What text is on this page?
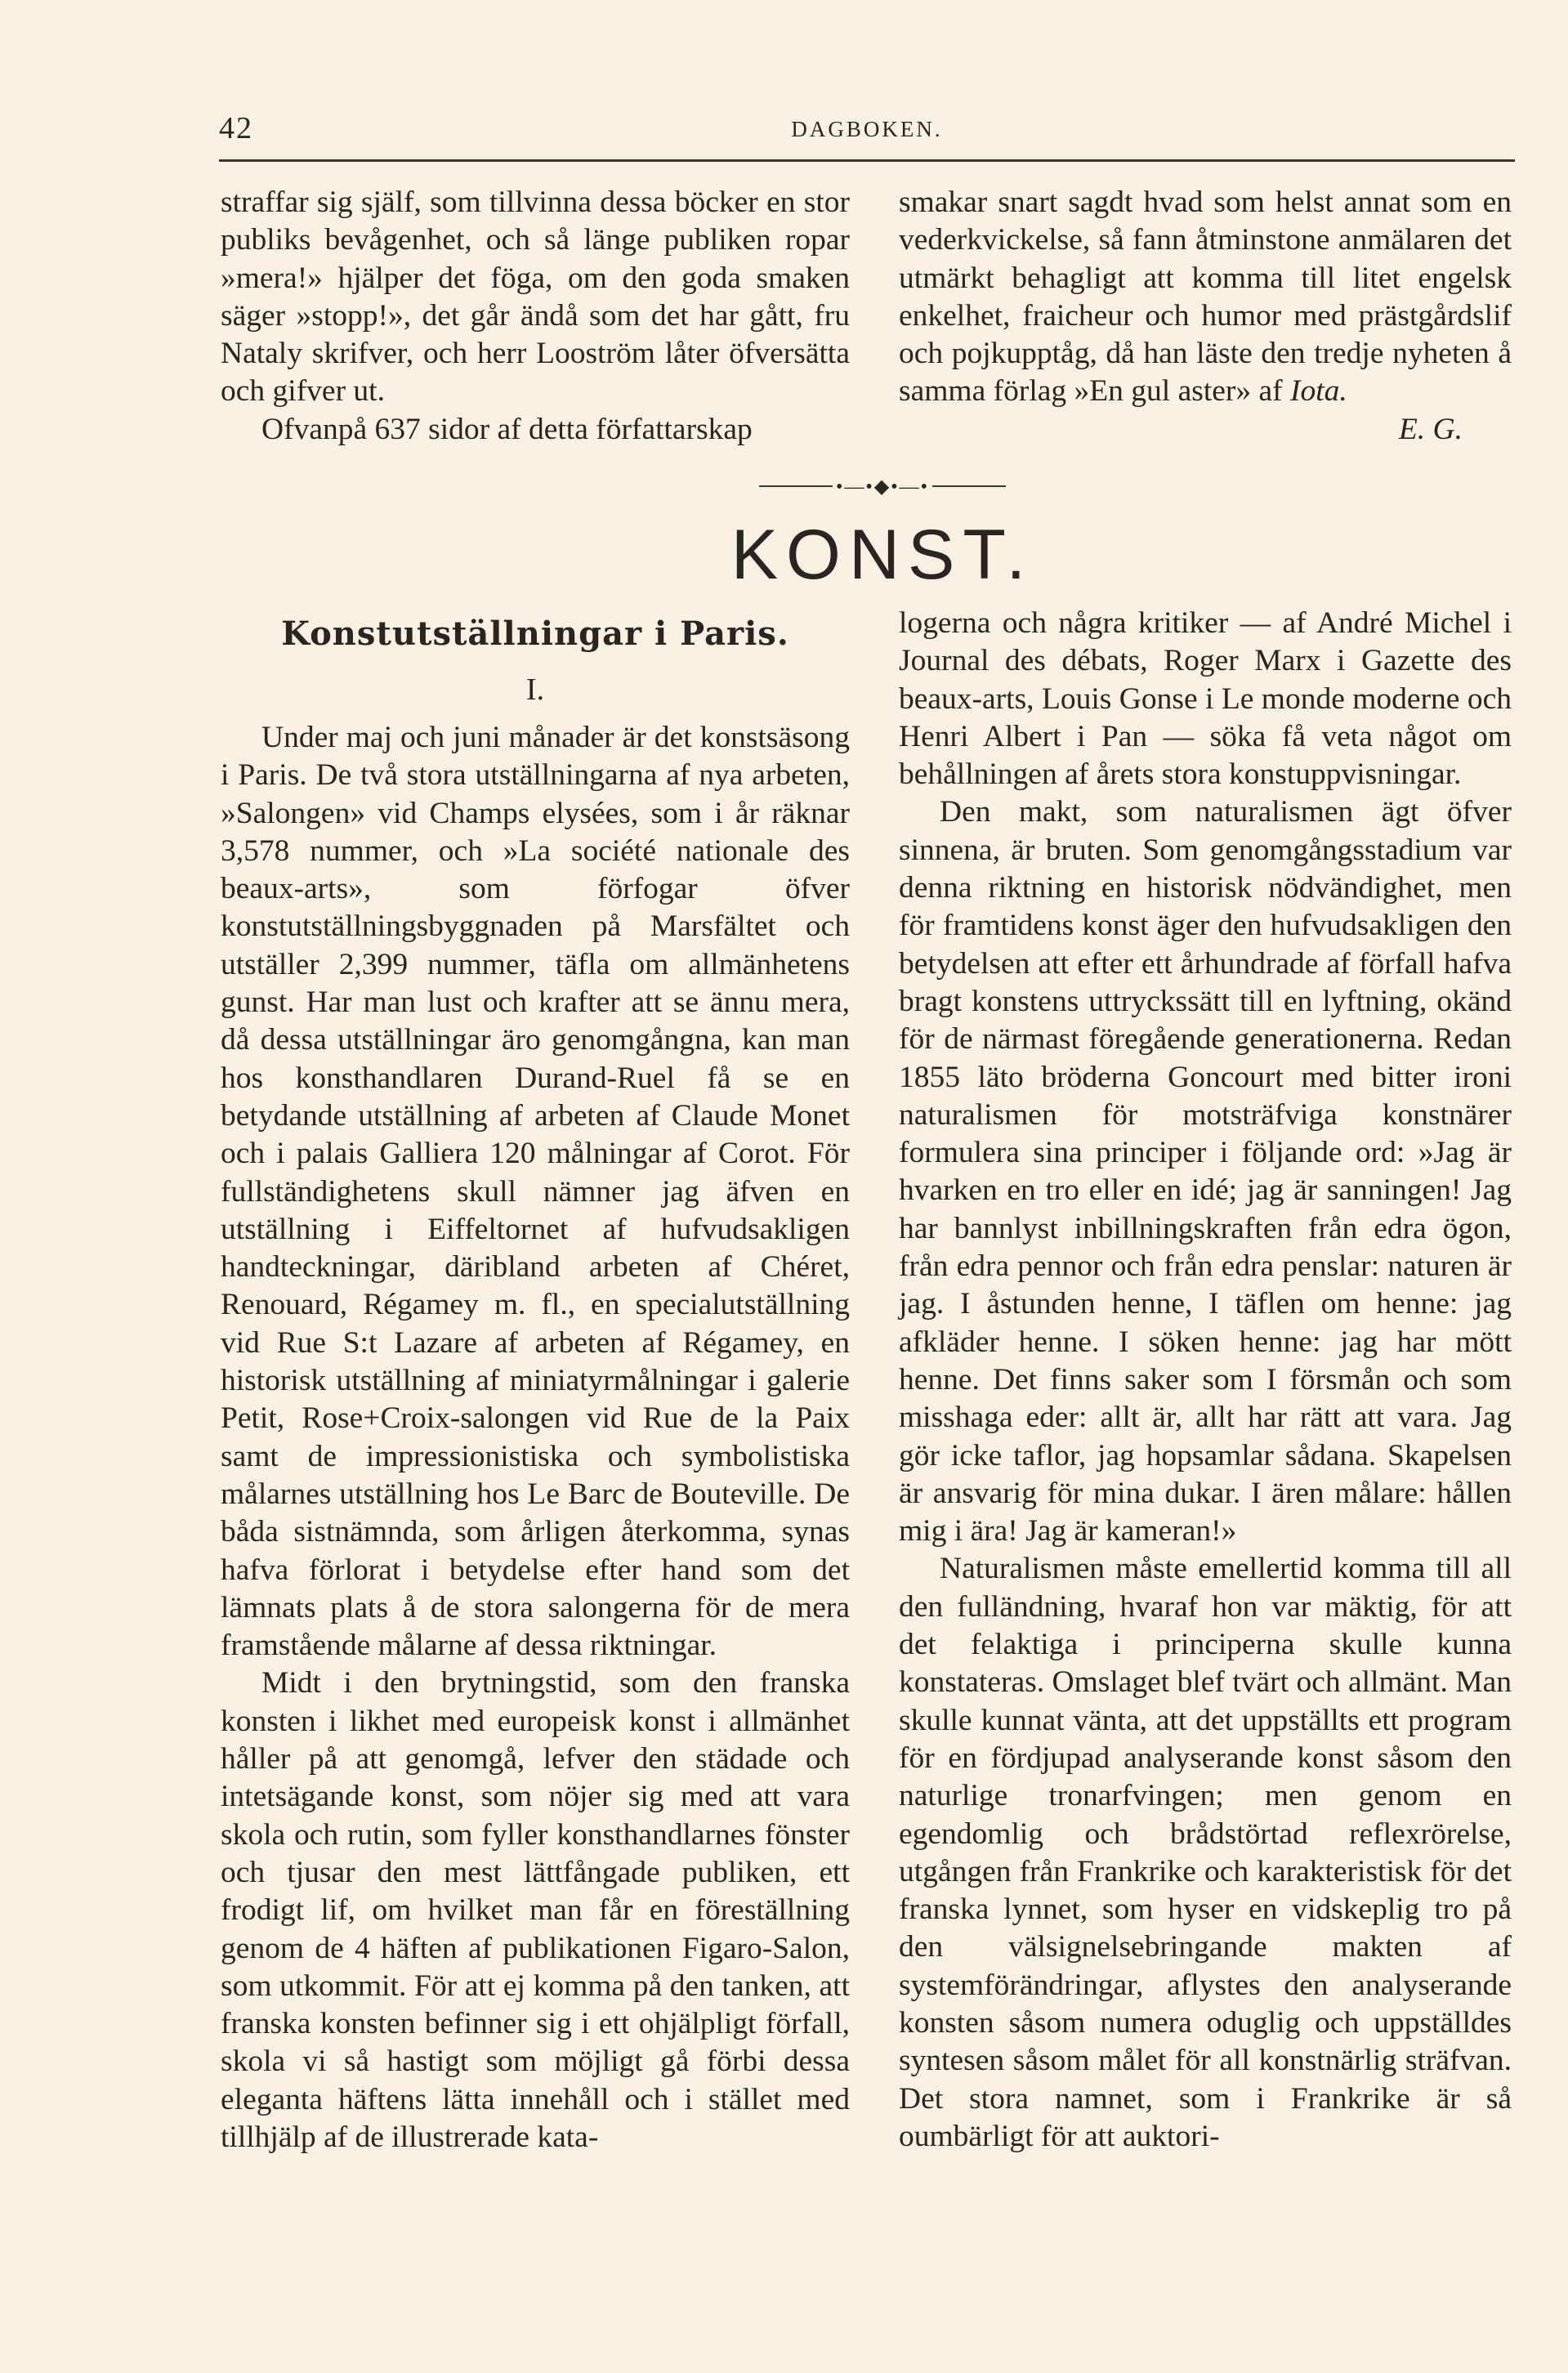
42	DAGBOKEN.

straffar sig själf, som tillvinna dessa böcker en stor publiks bevågenhet, och så länge publiken ropar »mera!» hjälper det föga, om den goda smaken säger »stopp!», det går ändå som det har gått, fru Nataly skrifver, och herr Looström låter öfversätta och gifver ut.

Ofvanpå 637 sidor af detta författarskap

smakar snart sagdt hvad som helst annat som en vederkvickelse, så fann åtminstone anmälaren det utmärkt behagligt att komma till litet engelsk enkelhet, fraicheur och humor med prästgårdslif och pojkupptåg, då han läste den tredje nyheten å samma förlag »En gul aster» af Iota.

E. G.
•—•◆•—•
KONST.
Konstutställningar i Paris.
I.

Under maj och juni månader är det konstsäsong i Paris. De två stora utställningarna af nya arbeten, »Salongen» vid Champs elysées, som i år räknar 3,578 nummer, och »La société nationale des beaux-arts», som förfogar öfver konstutställningsbyggnaden på Marsfältet och utställer 2,399 nummer, täfla om allmänhetens gunst. Har man lust och krafter att se ännu mera, då dessa utställningar äro genomgångna, kan man hos konsthandlaren Durand-Ruel få se en betydande utställning af arbeten af Claude Monet och i palais Galliera 120 målningar af Corot. För fullständighetens skull nämner jag äfven en utställning i Eiffeltornet af hufvudsakligen handteckningar, däribland arbeten af Chéret, Renouard, Régamey m. fl., en specialutställning vid Rue S:t Lazare af arbeten af Régamey, en historisk utställning af miniatyrmålningar i galerie Petit, Rose+Croix-salongen vid Rue de la Paix samt de impressionistiska och symbolistiska målarnes utställning hos Le Barc de Bouteville. De båda sistnämnda, som årligen återkomma, synas hafva förlorat i betydelse efter hand som det lämnats plats å de stora salongerna för de mera framstående målarne af dessa riktningar.

Midt i den brytningstid, som den franska konsten i likhet med europeisk konst i allmänhet håller på att genomgå, lefver den städade och intetsägande konst, som nöjer sig med att vara skola och rutin, som fyller konsthandlarnes fönster och tjusar den mest lättfångade publiken, ett frodigt lif, om hvilket man får en föreställning genom de 4 häften af publikationen Figaro-Salon, som utkommit. För att ej komma på den tanken, att franska konsten befinner sig i ett ohjälpligt förfall, skola vi så hastigt som möjligt gå förbi dessa eleganta häftens lätta innehåll och i stället med tillhjälp af de illustrerade kata-

logerna och några kritiker — af André Michel i Journal des débats, Roger Marx i Gazette des beaux-arts, Louis Gonse i Le monde moderne och Henri Albert i Pan — söka få veta något om behållningen af årets stora konstuppvisningar.

Den makt, som naturalismen ägt öfver sinnena, är bruten. Som genomgångsstadium var denna riktning en historisk nödvändighet, men för framtidens konst äger den hufvudsakligen den betydelsen att efter ett århundrade af förfall hafva bragt konstens uttryckssätt till en lyftning, okänd för de närmast föregående generationerna. Redan 1855 läto bröderna Goncourt med bitter ironi naturalismen för motsträfviga konstnärer formulera sina principer i följande ord: »Jag är hvarken en tro eller en idé; jag är sanningen! Jag har bannlyst inbillningskraften från edra ögon, från edra pennor och från edra penslar: naturen är jag. I åstunden henne, I täflen om henne: jag afkläder henne. I söken henne: jag har mött henne. Det finns saker som I försmån och som misshaga eder: allt är, allt har rätt att vara. Jag gör icke taflor, jag hopsamlar sådana. Skapelsen är ansvarig för mina dukar. I ären målare: hållen mig i ära! Jag är kameran!»

Naturalismen måste emellertid komma till all den fulländning, hvaraf hon var mäktig, för att det felaktiga i principerna skulle kunna konstateras. Omslaget blef tvärt och allmänt. Man skulle kunnat vänta, att det uppställts ett program för en fördjupad analyserande konst såsom den naturlige tronarfvingen; men genom en egendomlig och brådstörtad reflexrörelse, utgången från Frankrike och karakteristisk för det franska lynnet, som hyser en vidskeplig tro på den välsignelsebringande makten af systemförändringar, aflystes den analyserande konsten såsom numera oduglig och uppställdes syntesen såsom målet för all konstnärlig sträfvan. Det stora namnet, som i Frankrike är så oumbärligt för att auktori-
